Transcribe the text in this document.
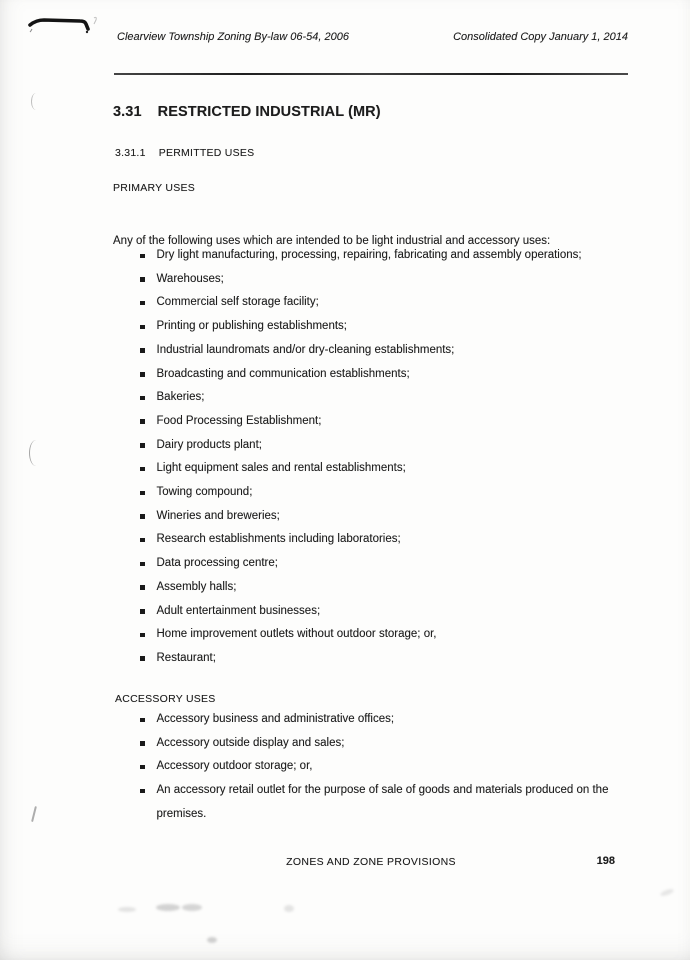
Clearview Township Zoning By-law 06-54, 2006	Consolidated Copy January 1, 2014
3.31 RESTRICTED INDUSTRIAL (MR)
3.31.1 PERMITTED USES
PRIMARY USES

Any of the following uses which are intended to be light industrial and accessory uses:

Dry light manufacturing, processing, repairing, fabricating and assembly operations;
Warehouses;
Commercial self storage facility;
Printing or publishing establishments;
Industrial laundromats and/or dry-cleaning establishments;
Broadcasting and communication establishments;
Bakeries;
Food Processing Establishment;
Dairy products plant;
Light equipment sales and rental establishments;
Towing compound;
Wineries and breweries;
Research establishments including laboratories;
Data processing centre;
Assembly halls;
Adult entertainment businesses;
Home improvement outlets without outdoor storage; or,
Restaurant;
ACCESSORY USES
Accessory business and administrative offices;
Accessory outside display and sales;
Accessory outdoor storage; or,
An accessory retail outlet for the purpose of sale of goods and materials produced on the premises.
ZONES AND ZONE PROVISIONS	198
